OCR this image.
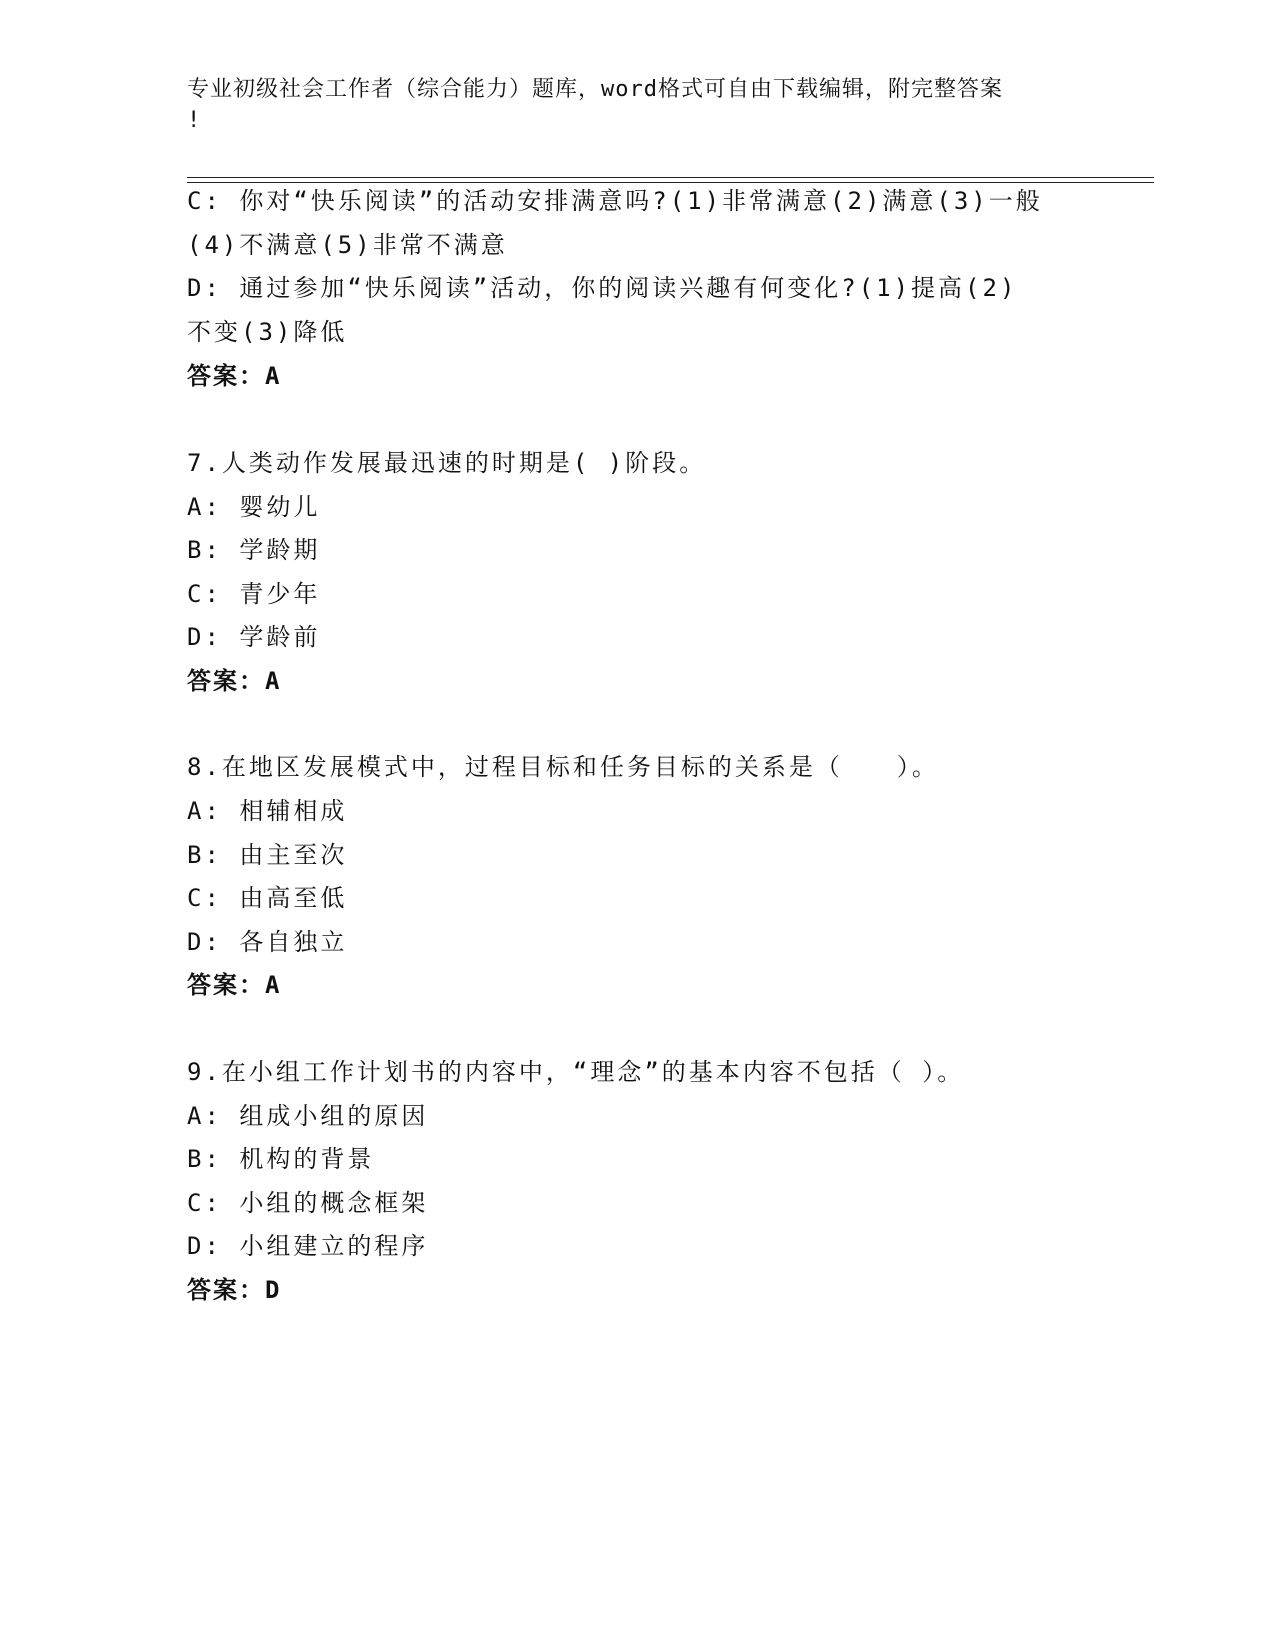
专业初级社会工作者（综合能力）题库，word格式可自由下载编辑，附完整答案
!
C: 你对“快乐阅读”的活动安排满意吗?(1)非常满意(2)满意(3)一般
(4)不满意(5)非常不满意
D: 通过参加“快乐阅读”活动，你的阅读兴趣有何变化?(1)提高(2)
不变(3)降低
答案：A
7.人类动作发展最迅速的时期是( )阶段。
A: 婴幼儿
B: 学龄期
C: 青少年
D: 学龄前
答案：A
8.在地区发展模式中，过程目标和任务目标的关系是（　　）。
A: 相辅相成
B: 由主至次
C: 由高至低
D: 各自独立
答案：A
9.在小组工作计划书的内容中，“理念”的基本内容不包括（ ）。
A: 组成小组的原因
B: 机构的背景
C: 小组的概念框架
D: 小组建立的程序
答案：D
